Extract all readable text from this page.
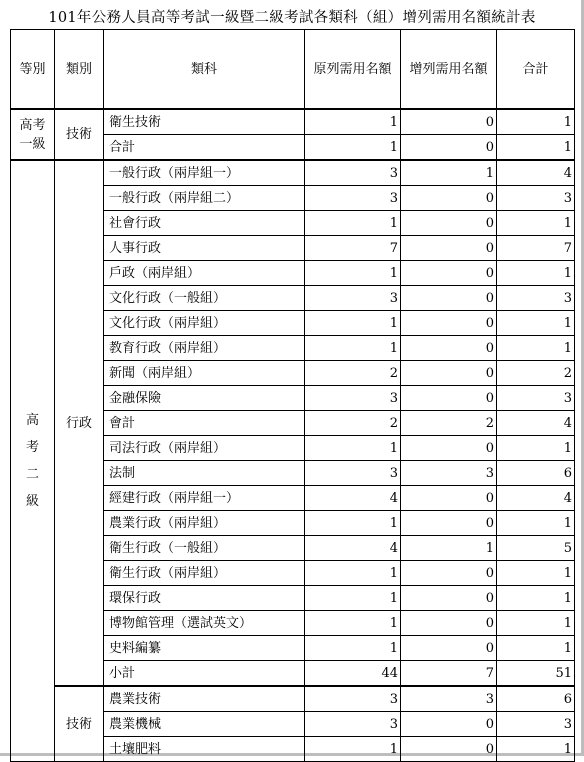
101年公務人員高等考試一級暨二級考試各類科（組）增列需用名額統計表
等別	類別	類科	原列需用名額	增列需用名額	合計
高考一級	技術	衛生技術	1	0	1
		合計	1	0	1
高考二級	行政	一般行政（兩岸組一）	3	1	4
		一般行政（兩岸組二）	3	0	3
		社會行政	1	0	1
		人事行政	7	0	7
		戶政（兩岸組）	1	0	1
		文化行政（一般組）	3	0	3
		文化行政（兩岸組）	1	0	1
		教育行政（兩岸組）	1	0	1
		新聞（兩岸組）	2	0	2
		金融保險	3	0	3
		會計	2	2	4
		司法行政（兩岸組）	1	0	1
		法制	3	3	6
		經建行政（兩岸組一）	4	0	4
		農業行政（兩岸組）	1	0	1
		衛生行政（一般組）	4	1	5
		衛生行政（兩岸組）	1	0	1
		環保行政	1	0	1
		博物館管理（選試英文）	1	0	1
		史料編纂	1	0	1
		小計	44	7	51
	技術	農業技術	3	3	6
		農業機械	3	0	3
		土壤肥料	1	0	1
